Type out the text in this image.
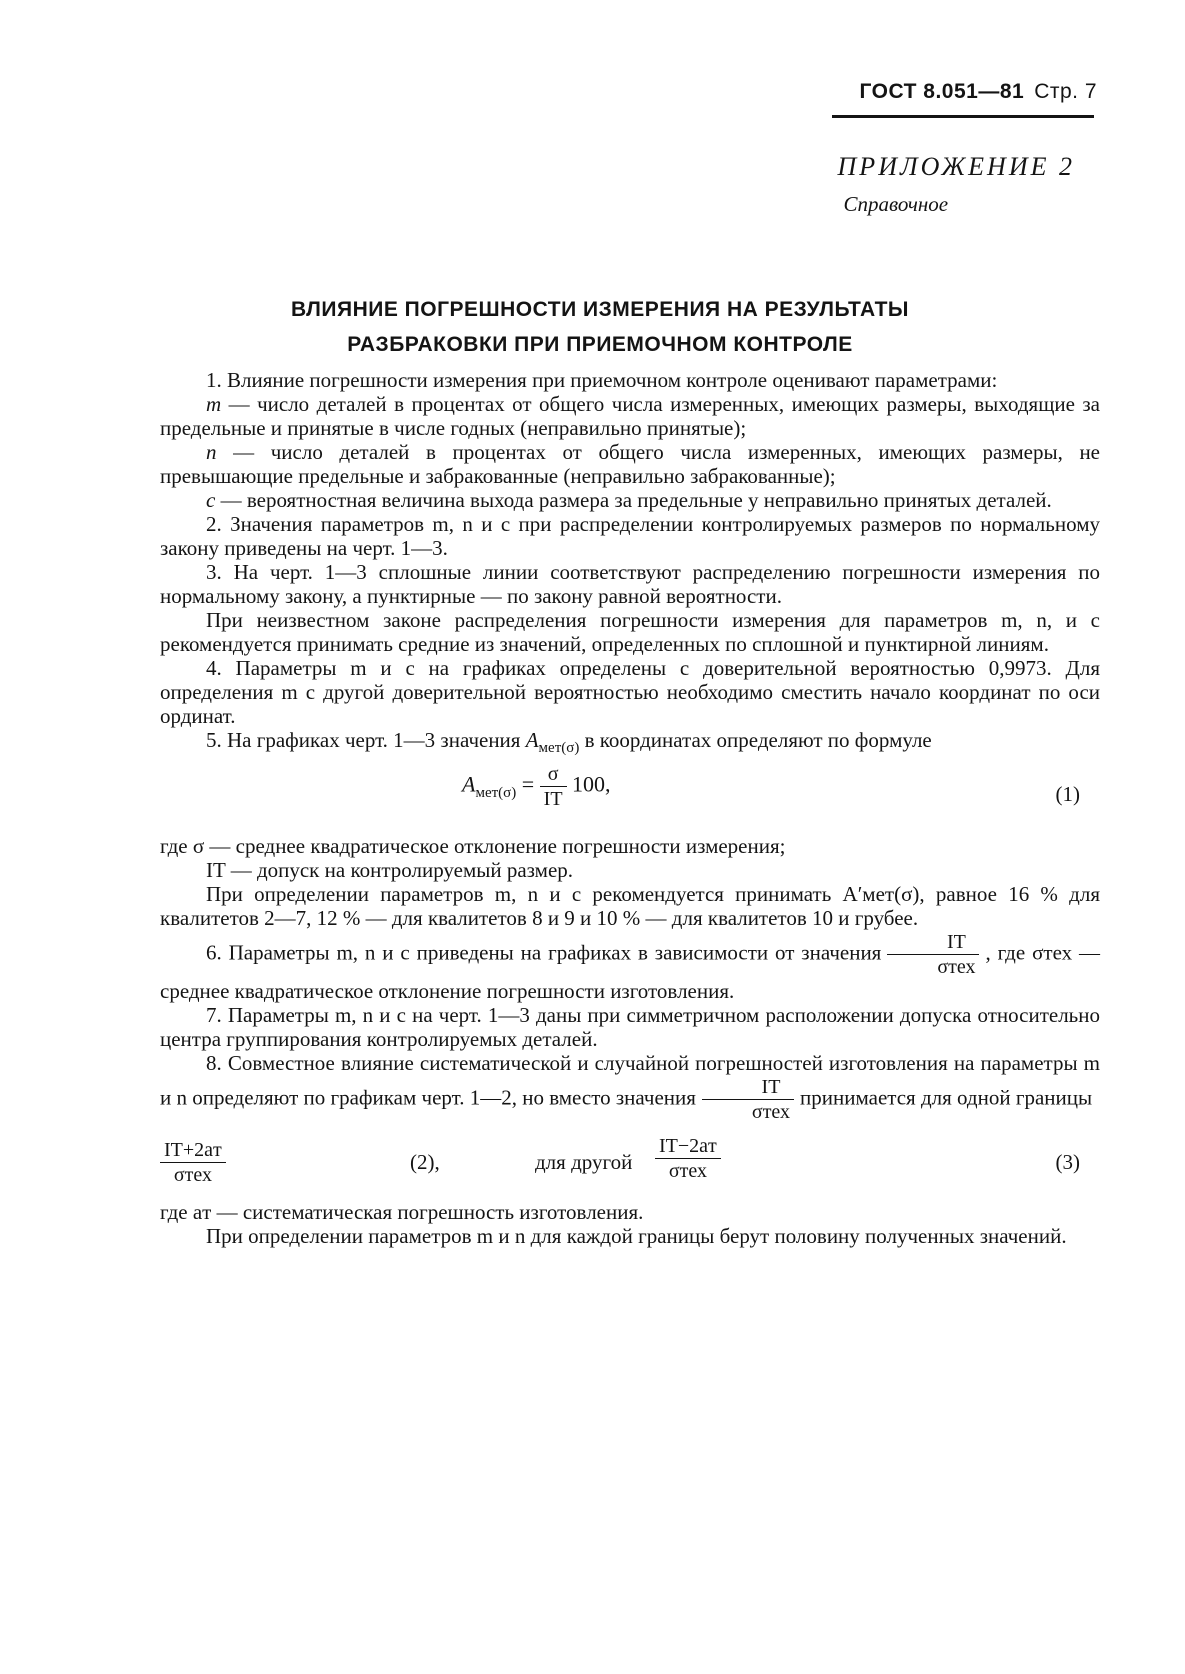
ГОСТ 8.051—81 Стр. 7
ПРИЛОЖЕНИЕ 2
Справочное
ВЛИЯНИЕ ПОГРЕШНОСТИ ИЗМЕРЕНИЯ НА РЕЗУЛЬТАТЫ
РАЗБРАКОВКИ ПРИ ПРИЕМОЧНОМ КОНТРОЛЕ

1. Влияние погрешности измерения при приемочном контроле оценивают параметрами:

m — число деталей в процентах от общего числа измеренных, имеющих размеры, выходящие за предельные и принятые в числе годных (неправильно принятые);

n — число деталей в процентах от общего числа измеренных, имеющих размеры, не превышающие предельные и забракованные (неправильно забракованные);

c — вероятностная величина выхода размера за предельные у неправильно принятых деталей.

2. Значения параметров m, n и c при распределении контролируемых размеров по нормальному закону приведены на черт. 1—3.

3. На черт. 1—3 сплошные линии соответствуют распределению погрешности измерения по нормальному закону, а пунктирные — по закону равной вероятности.

При неизвестном законе распределения погрешности измерения для параметров m, n, и c рекомендуется принимать средние из значений, определенных по сплошной и пунктирной линиям.

4. Параметры m и c на графиках определены с доверительной вероятностью 0,9973. Для определения m с другой доверительной вероятностью необходимо сместить начало координат по оси ординат.

5. На графиках черт. 1—3 значения $A_{мет(\sigma)}$ в координатах определяют по формуле

$A_{мет(\sigma)} = \frac{\sigma}{IT} 100$,	(1)

где σ — среднее квадратическое отклонение погрешности измерения;

IT — допуск на контролируемый размер.

При определении параметров m, n и c рекомендуется принимать A′мет(σ), равное 16 % для квалитетов 2—7, 12 % — для квалитетов 8 и 9 и 10 % — для квалитетов 10 и грубее.

6. Параметры m, n и c приведены на графиках в зависимости от значения $\frac{IT}{\text{σтех}}$ , где σтех — среднее квадратическое отклонение погрешности изготовления.

7. Параметры m, n и c на черт. 1—3 даны при симметричном расположении допуска относительно центра группирования контролируемых деталей.

8. Совместное влияние систематической и случайной погрешностей изготовления на параметры m и n определяют по графикам черт. 1—2, но вместо значения $\frac{IT}{\text{σтех}}$ принимается для одной границы

IT+2aт
σтех
(2),	для другой
IT−2aт
σтех	(3)

где aт — систематическая погрешность изготовления.

При определении параметров m и n для каждой границы берут половину полученных значений.
